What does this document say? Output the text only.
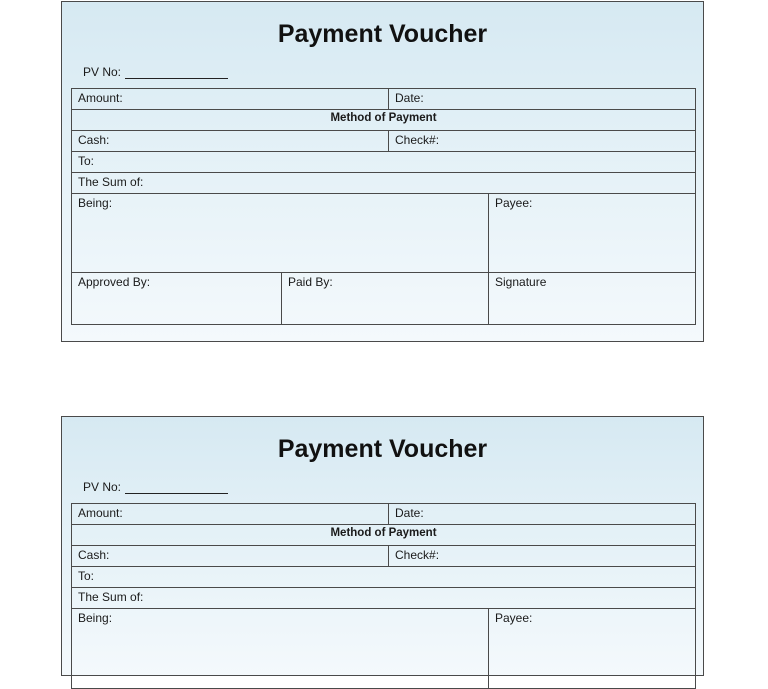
Payment Voucher
PV No:
Amount:	Date:
Method of Payment
Cash:	Check#:
To:
The Sum of:
Being:	Payee:
Approved By:	Paid By:	Signature
Payment Voucher
PV No:
Amount:	Date:
Method of Payment
Cash:	Check#:
To:
The Sum of:
Being:	Payee:
